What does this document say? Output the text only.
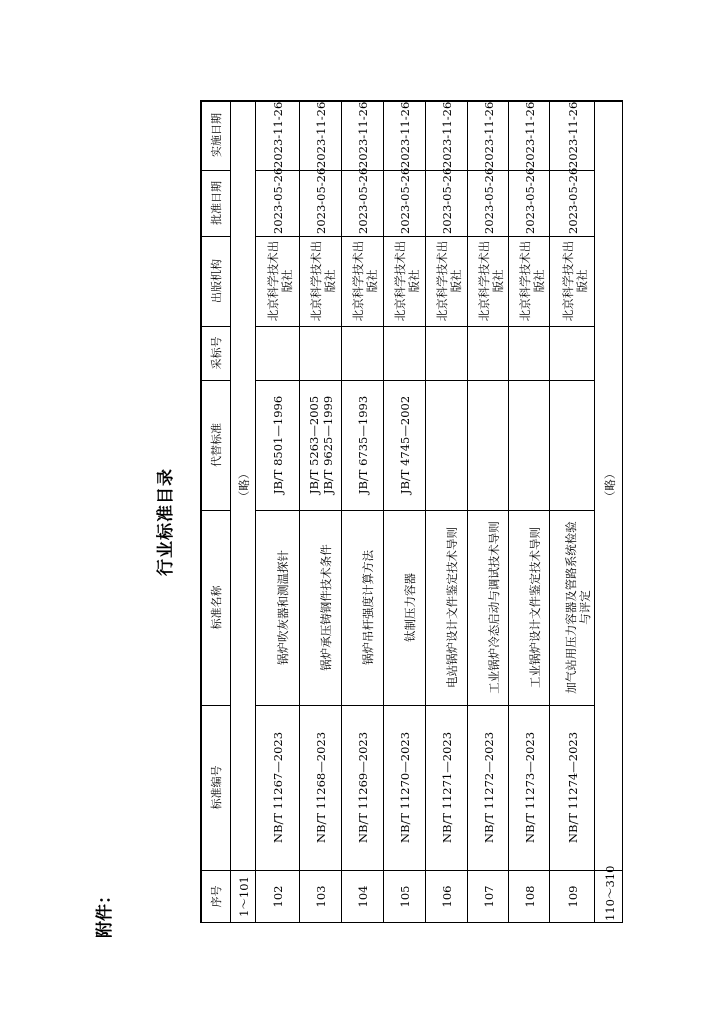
附件：
行业标准目录
实施日期
批准日期
出版机构
采标号
代替标准
标准名称
标准编号
序号 1～101
（略）
2023-11-26
2023-05-26
北京科学技术出版社
JB/T 8501—1996
锅炉吹灰器和测温探针
NB/T 11267—2023
102
2023-11-26
2023-05-26
北京科学技术出版社
JB/T 5263—2005 JB/T 9625—1999
锅炉承压铸钢件技术条件
NB/T 11268—2023
103
2023-11-26
2023-05-26
北京科学技术出版社
JB/T 6735—1993
锅炉吊杆强度计算方法
NB/T 11269—2023
104
2023-11-26
2023-05-26
北京科学技术出版社
JB/T 4745—2002
钛制压力容器
NB/T 11270—2023
105
2023-11-26
2023-05-26
北京科学技术出版社
电站锅炉设计文件鉴定技术导则
NB/T 11271—2023
106
2023-11-26
2023-05-26
北京科学技术出版社
工业锅炉冷态启动与调试技术导则
NB/T 11272—2023
107
2023-11-26
2023-05-26
北京科学技术出版社
工业锅炉设计文件鉴定技术导则
NB/T 11273—2023
108
2023-11-26
2023-05-26
北京科学技术出版社
加气站用压力容器及管路系统检验与评定
NB/T 11274—2023
109 110～310
（略）
